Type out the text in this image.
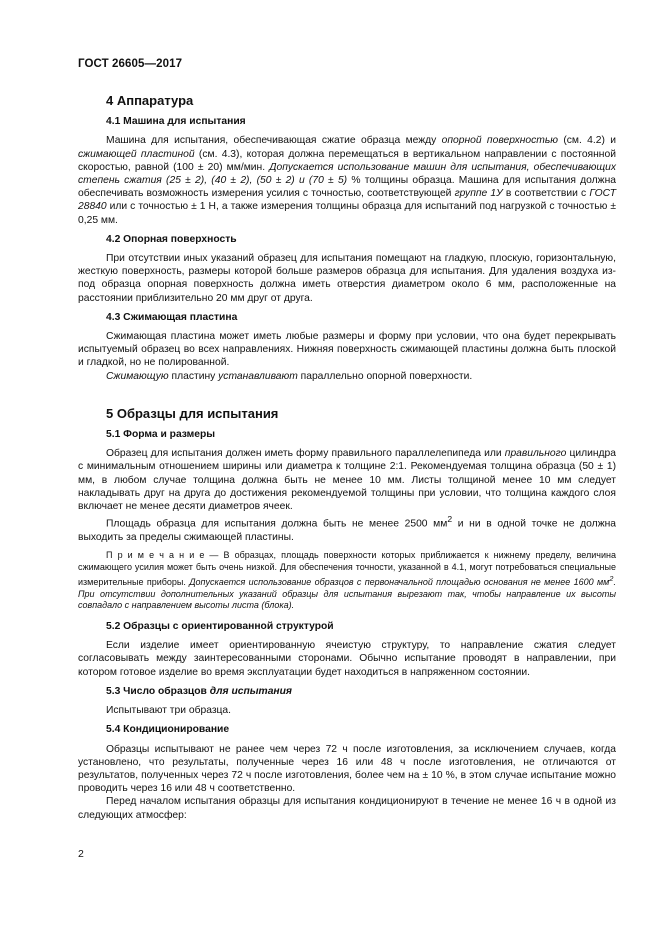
ГОСТ 26605—2017
4 Аппаратура
4.1 Машина для испытания
Машина для испытания, обеспечивающая сжатие образца между опорной поверхностью (см. 4.2) и сжимающей пластиной (см. 4.3), которая должна перемещаться в вертикальном направлении с постоянной скоростью, равной (100 ± 20) мм/мин. Допускается использование машин для испытания, обеспечивающих степень сжатия (25 ± 2), (40 ± 2), (50 ± 2) и (70 ± 5) % толщины образца. Машина для испытания должна обеспечивать возможность измерения усилия с точностью, соответствующей группе 1У в соответствии с ГОСТ 28840 или с точностью ± 1 Н, а также измерения толщины образца для испытаний под нагрузкой с точностью ± 0,25 мм.
4.2 Опорная поверхность
При отсутствии иных указаний образец для испытания помещают на гладкую, плоскую, горизонтальную, жесткую поверхность, размеры которой больше размеров образца для испытания. Для удаления воздуха из-под образца опорная поверхность должна иметь отверстия диаметром около 6 мм, расположенные на расстоянии приблизительно 20 мм друг от друга.
4.3 Сжимающая пластина
Сжимающая пластина может иметь любые размеры и форму при условии, что она будет перекрывать испытуемый образец во всех направлениях. Нижняя поверхность сжимающей пластины должна быть плоской и гладкой, но не полированной.
Сжимающую пластину устанавливают параллельно опорной поверхности.
5 Образцы для испытания
5.1 Форма и размеры
Образец для испытания должен иметь форму правильного параллелепипеда или правильного цилиндра с минимальным отношением ширины или диаметра к толщине 2:1. Рекомендуемая толщина образца (50 ± 1) мм, в любом случае толщина должна быть не менее 10 мм. Листы толщиной менее 10 мм следует накладывать друг на друга до достижения рекомендуемой толщины при условии, что толщина каждого слоя включает не менее десяти диаметров ячеек.
Площадь образца для испытания должна быть не менее 2500 $мм^2$ и ни в одной точке не должна выходить за пределы сжимающей пластины.
П р и м е ч а н и е — В образцах, площадь поверхности которых приближается к нижнему пределу, величина сжимающего усилия может быть очень низкой. Для обеспечения точности, указанной в 4.1, могут потребоваться специальные измерительные приборы. Допускается использование образцов с первоначальной площадью основания не менее 1600 $мм^2$. При отсутствии дополнительных указаний образцы для испытания вырезают так, чтобы направление их высоты совпадало с направлением высоты листа (блока).
5.2 Образцы с ориентированной структурой
Если изделие имеет ориентированную ячеистую структуру, то направление сжатия следует согласовывать между заинтересованными сторонами. Обычно испытание проводят в направлении, при котором готовое изделие во время эксплуатации будет находиться в напряженном состоянии.
5.3 Число образцов для испытания
Испытывают три образца.
5.4 Кондиционирование
Образцы испытывают не ранее чем через 72 ч после изготовления, за исключением случаев, когда установлено, что результаты, полученные через 16 или 48 ч после изготовления, не отличаются от результатов, полученных через 72 ч после изготовления, более чем на ± 10 %, в этом случае испытание можно проводить через 16 или 48 ч соответственно.
Перед началом испытания образцы для испытания кондиционируют в течение не менее 16 ч в одной из следующих атмосфер:
2
